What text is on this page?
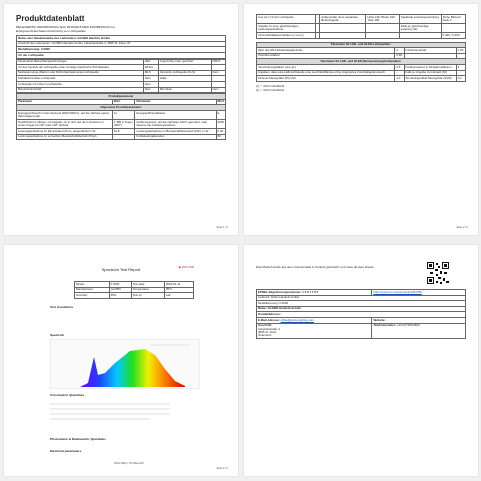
Produktdatenblatt
DELEGIERTE VERORDNUNG (EU) 2019/2015 DER KOMMISSION zur
Energieverbrauchskennzeichnung von Lichtquellen
Name oder Handelsmarke des Lieferanten: GLOBO Handels GmbH
Anschrift des Lieferanten: GLOBO Handels GmbH, Industriestraße 4, 4565 St. Peter, AT
Modellkennung: 0.3006
Art der Lichtquelle:
Verwendete Beleuchtungstechnologie:	LED	Ungerichtet oder gerichtet:	NDLS
Art des Sockels der Lichtquelle (oder sonstige elektrische Schnittstelle)	Wiring		
Netzspannungs-(Mains) oder Nicht-Netzspannungs-Lichtquelle:	MLS	Vernetzte Lichtquelle (CLS):	Nein
Farbabstimmbare Lichtquelle:	Nein	Hülle:	-
Lichtquelle mit hoher Leuchtdichte:	Nein		
Blendschutzschild:	Nein	Dimmbar:	Nein
Produktparameter			
Parameter	Wert	Parameter	Wert
Allgemeine Produktparameter:			
Energieverbrauch im Ein-Zustand (kWh/1000 h), auf die nächste ganze Zahl aufgerundet	11	Energieeffizienzklasse	E
Nutzlichtstrom (Φuse), mit Angabe, ob er sich auf den Lichtstrom in einem Kegel von 90° oder 120° bezieht	1 380 in Kugel (360°)	Farbtemperatur, auf die nächsten 100 K gerundet, oder Spanne der Farbtemperaturen	3000
Leistungsaufnahme im Ein-Zustand (Pon), ausgedrückt in W	10,8	Leistungsaufnahme im Bereitschaftszustand (Psb), in W	0,00
Leistungsaufnahme im vernetzten Bereitschaftsbetrieb (Pnet)	-	Farbwiedergabeindex	80
Seite 1 / 2
Cos φ1 in % der Lichtquelle	-	Außenmaße ohne separates Betriebsgerät	Höhe 190, Breite 190, Tiefe 190	Spektrale Leistungsverteilung	Siehe Bild auf Seite 2
Angabe zu einer gleichwertigen Leistungsaufnahme	-			Falls ja, gleichwertige Leistung (W)	-
Chromatizitätskoordinaten (x und y)					0,440 / 0,404
Parameter für LED- und OLED-Lichtquellen:			
Wert des R9-Farbwiedergabeindex	2	Lichtstromerhalt	1,00
Überlebensfaktor	0,96		
Parameter für LED- und OLED-Netzspannungslichtquellen:			
Verschiebungsfaktor (cos φ1)	0,5	Farbkonsistenz in McAdam-Ellipsen	6
Angaben, dass eine LED-Lichtquelle eine Leuchtstofflampe ohne integriertes Vorschaltgerät ersetzt	-	Falls ja, Angabe zum Ersatz (W)	-
Flimmer-Messgröße (Pst LM)	1,0	Stroboskopeffekt-Messgröße (SVM)	0,1
(¹) '-' nicht zutreffend
(²) '-' nicht zutreffend
Seite 2 / 2
Spectrum Test Report	◉ WALTER
Model:	0.3006	Test date:	2023-01-11
Manufacturer:	GLOBO	Temperature:	25°C
Humidity:	65%	Test by:	Lab
Test Conditions
Spectrum
Colorimetric Quantities
Photometric & Radiometric Quantities
Electrical parameters
WALTER | Prüfbericht
Seite 2 / 2
Das Modell wurde auf dem Unionsmarkt in Verkehr gebracht, und zwar ab dem Datum
EPREL-Registrierungsnummer: 1 2 6 1 7 9 5	https://eprel.ec.europa.eu/qr/1261795
Lieferant: Globo Handels GmbH	
Modellkennung: 0.3006	
Name: GLOBO Handelsvertrieb	
Kontaktadresse:	
E-Mail-Adresse: office@globo-lighting.com	Website:
Anschrift:
Industriestraße 4
4565 St. Peter
Österreich	Telefonnummer: +43 (0)7252/2600
